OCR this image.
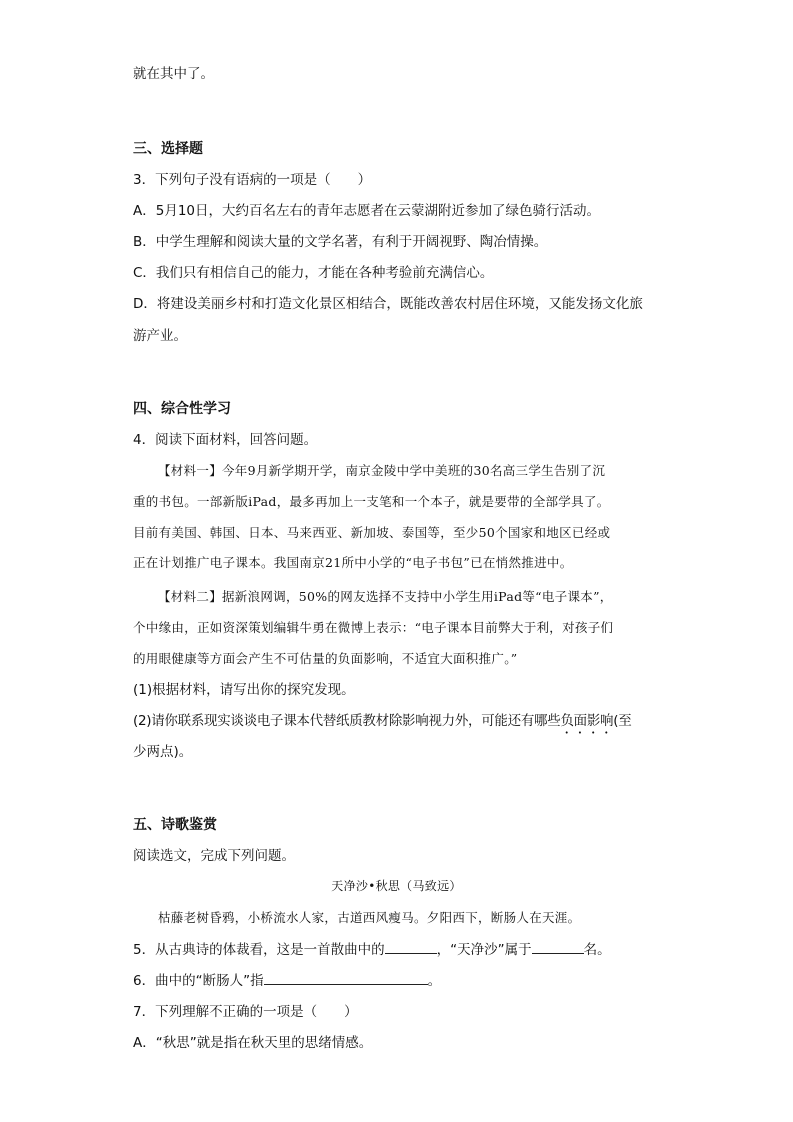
就在其中了。
三、选择题
3．下列句子没有语病的一项是（　　）
A．5月10日，大约百名左右的青年志愿者在云蒙湖附近参加了绿色骑行活动。
B．中学生理解和阅读大量的文学名著，有利于开阔视野、陶冶情操。
C．我们只有相信自己的能力，才能在各种考验前充满信心。
D．将建设美丽乡村和打造文化景区相结合，既能改善农村居住环境，又能发扬文化旅
游产业。
四、综合性学习
4．阅读下面材料，回答问题。
【材料一】今年9月新学期开学，南京金陵中学中美班的30名高三学生告别了沉
重的书包。一部新版iPad，最多再加上一支笔和一个本子，就是要带的全部学具了。
目前有美国、韩国、日本、马来西亚、新加坡、泰国等，至少50个国家和地区已经或
正在计划推广电子课本。我国南京21所中小学的“电子书包”已在悄然推进中。
【材料二】据新浪网调，50%的网友选择不支持中小学生用iPad等“电子课本”，
个中缘由，正如资深策划编辑牛勇在微博上表示：“电子课本目前弊大于利，对孩子们
的用眼健康等方面会产生不可估量的负面影响，不适宜大面积推广。”
(1)根据材料，请写出你的探究发现。
(2)请你联系现实谈谈电子课本代替纸质教材除影响视力外，可能还有哪些负面影响(至
少两点)。
五、诗歌鉴赏
阅读选文，完成下列问题。
天净沙•秋思（马致远）
枯藤老树昏鸦，小桥流水人家，古道西风瘦马。夕阳西下，断肠人在天涯。
5．从古典诗的体裁看，这是一首散曲中的	，“天净沙”属于	名。
6．曲中的“断肠人”指	。
7．下列理解不正确的一项是（　　）
A．“秋思”就是指在秋天里的思绪情感。
